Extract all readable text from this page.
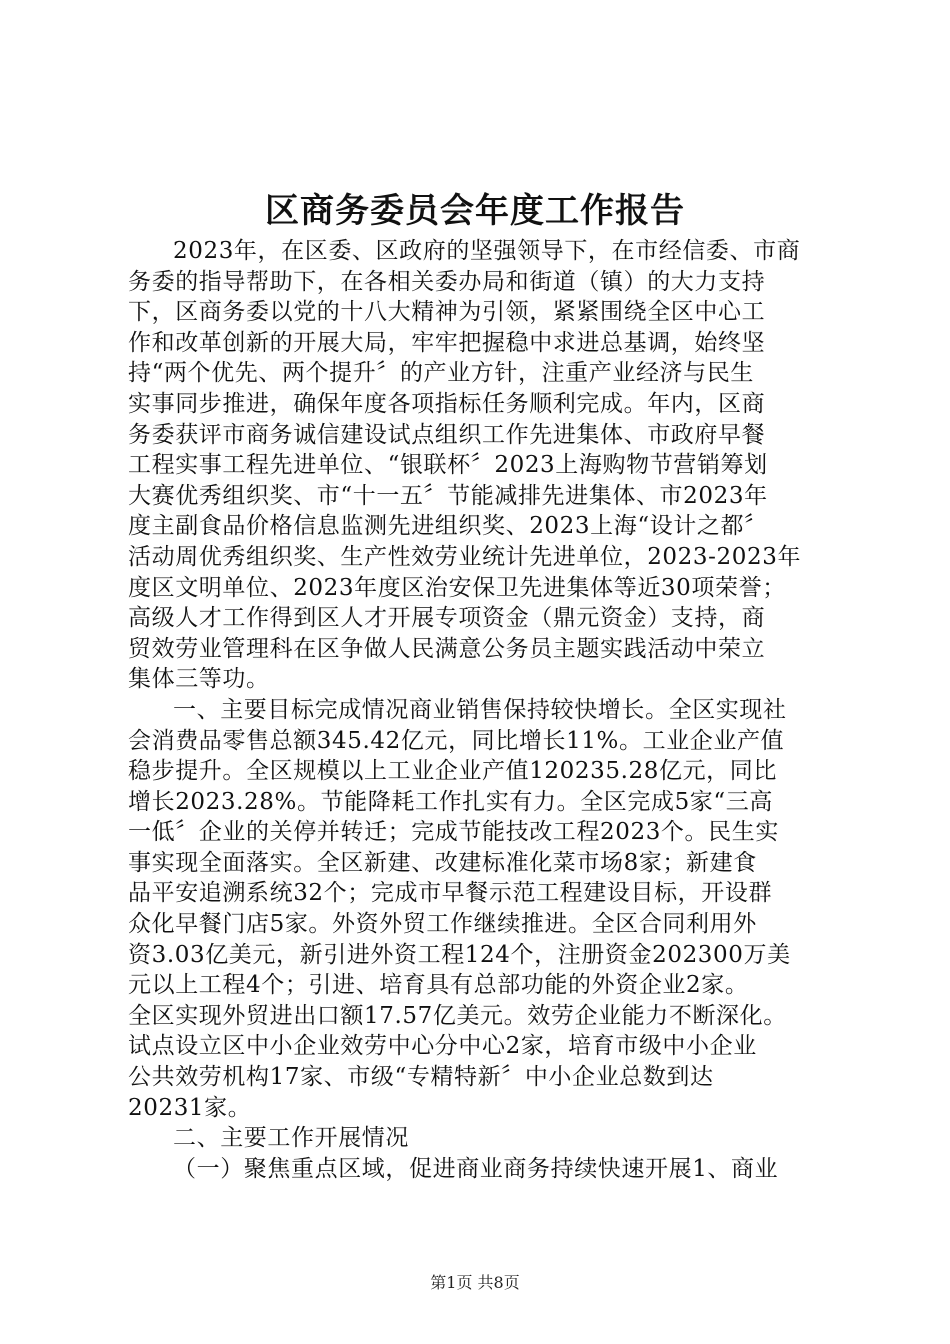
区商务委员会年度工作报告
2023年，在区委、区政府的坚强领导下，在市经信委、市商
务委的指导帮助下，在各相关委办局和街道（镇）的大力支持
下，区商务委以党的十八大精神为引领，紧紧围绕全区中心工
作和改革创新的开展大局，牢牢把握稳中求进总基调，始终坚
持“两个优先、两个提升〞的产业方针，注重产业经济与民生
实事同步推进，确保年度各项指标任务顺利完成。年内，区商
务委获评市商务诚信建设试点组织工作先进集体、市政府早餐
工程实事工程先进单位、“银联杯〞2023上海购物节营销筹划
大赛优秀组织奖、市“十一五〞节能减排先进集体、市2023年
度主副食品价格信息监测先进组织奖、2023上海“设计之都〞
活动周优秀组织奖、生产性效劳业统计先进单位，2023-2023年
度区文明单位、2023年度区治安保卫先进集体等近30项荣誉；
高级人才工作得到区人才开展专项资金（鼎元资金）支持，商
贸效劳业管理科在区争做人民满意公务员主题实践活动中荣立
集体三等功。
一、主要目标完成情况商业销售保持较快增长。全区实现社
会消费品零售总额345.42亿元，同比增长11%。工业企业产值
稳步提升。全区规模以上工业企业产值120235.28亿元，同比
增长2023.28%。节能降耗工作扎实有力。全区完成5家“三高
一低〞企业的关停并转迁；完成节能技改工程2023个。民生实
事实现全面落实。全区新建、改建标准化菜市场8家；新建食
品平安追溯系统32个；完成市早餐示范工程建设目标，开设群
众化早餐门店5家。外资外贸工作继续推进。全区合同利用外
资3.03亿美元，新引进外资工程124个，注册资金202300万美
元以上工程4个；引进、培育具有总部功能的外资企业2家。
全区实现外贸进出口额17.57亿美元。效劳企业能力不断深化。
试点设立区中小企业效劳中心分中心2家，培育市级中小企业
公共效劳机构17家、市级“专精特新〞中小企业总数到达
20231家。
二、主要工作开展情况
（一）聚焦重点区域，促进商业商务持续快速开展1、商业
第1页 共8页
